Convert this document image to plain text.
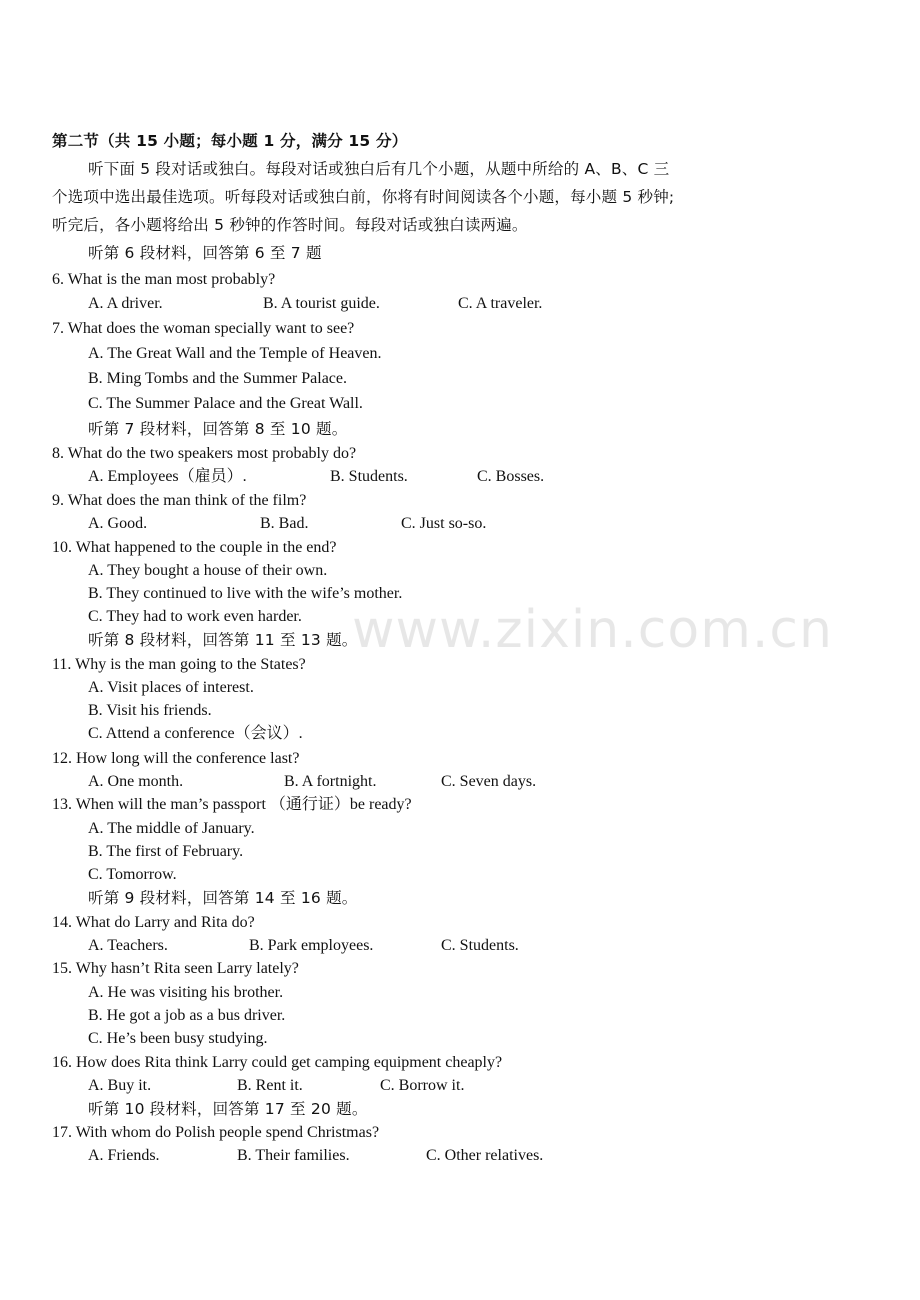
第二节（共 15 小题；每小题 1 分，满分 15 分）
听下面 5 段对话或独白。每段对话或独白后有几个小题，从题中所给的 A、B、C 三
个选项中选出最佳选项。听每段对话或独白前，你将有时间阅读各个小题，每小题 5 秒钟;
听完后，各小题将给出 5 秒钟的作答时间。每段对话或独白读两遍。
听第 6 段材料，回答第 6 至 7 题
6. What is the man most probably?
A. A driver.	B. A tourist guide.	C. A traveler.
7. What does the woman specially want to see?
A. The Great Wall and the Temple of Heaven.
B. Ming Tombs and the Summer Palace.
C. The Summer Palace and the Great Wall.
听第 7 段材料，回答第 8 至 10 题。
8. What do the two speakers most probably do?
A. Employees（雇员）.	B. Students.	C. Bosses.
9. What does the man think of the film?
A. Good.	B. Bad.	C. Just so-so.
10. What happened to the couple in the end?
A. They bought a house of their own.
B. They continued to live with the wife’s mother.
C. They had to work even harder.
听第 8 段材料，回答第 11 至 13 题。
11. Why is the man going to the States?
A. Visit places of interest.
B. Visit his friends.
C. Attend a conference（会议）.
12. How long will the conference last?
A. One month.	B. A fortnight.	C. Seven days.
13. When will the man’s passport （通行证）be ready?
A. The middle of January.
B. The first of February.
C. Tomorrow.
听第 9 段材料，回答第 14 至 16 题。
14. What do Larry and Rita do?
A. Teachers.	B. Park employees.	C. Students.
15. Why hasn’t Rita seen Larry lately?
A. He was visiting his brother.
B. He got a job as a bus driver.
C. He’s been busy studying.
16. How does Rita think Larry could get camping equipment cheaply?
A. Buy it.	B. Rent it.	C. Borrow it.
听第 10 段材料，回答第 17 至 20 题。
17. With whom do Polish people spend Christmas?
A. Friends.	B. Their families.	C. Other relatives.
www.zixin.com.cn
